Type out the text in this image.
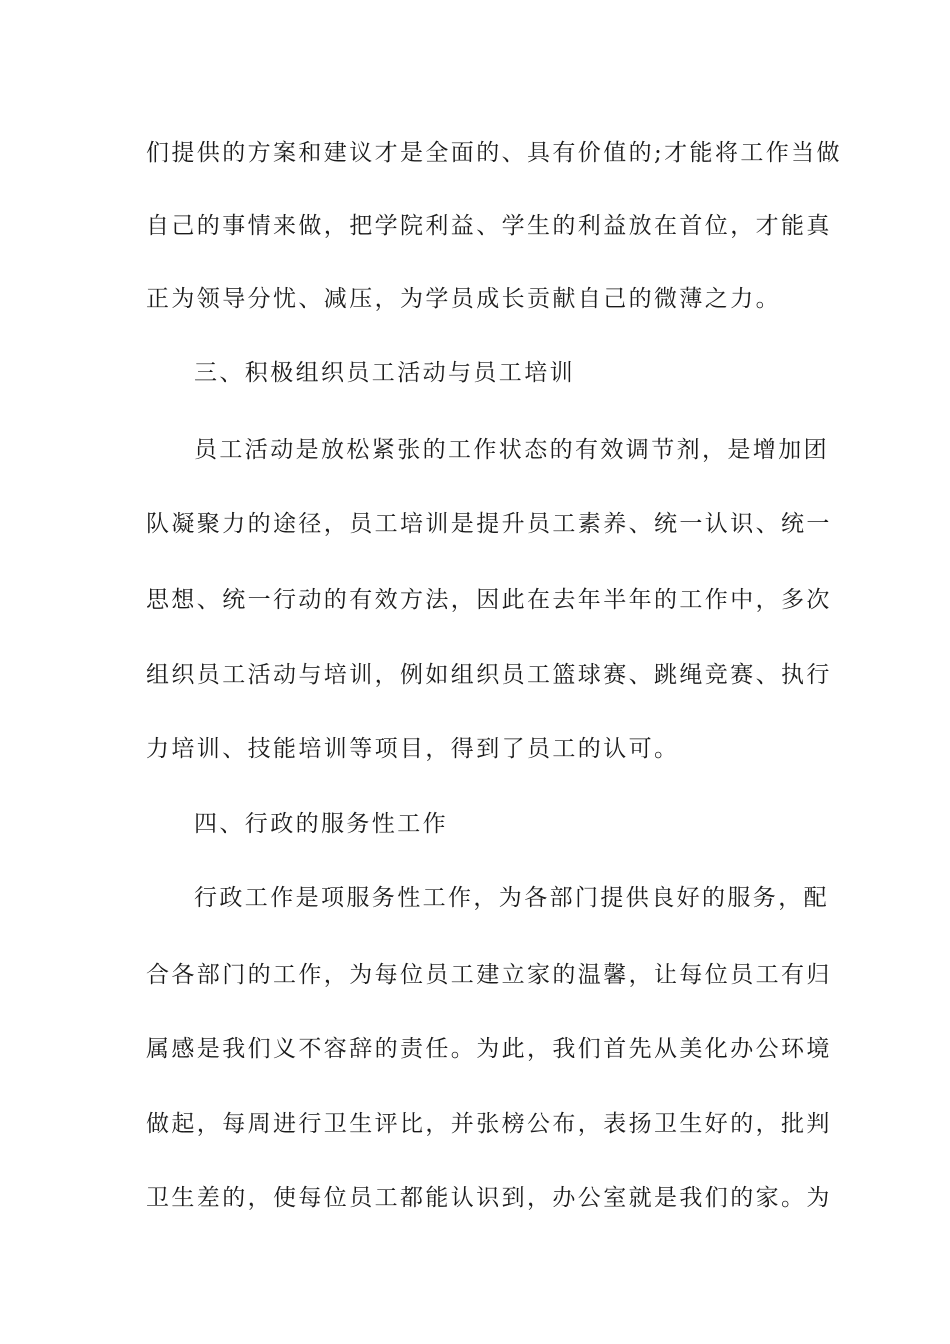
们提供的方案和建议才是全面的、具有价值的;才能将工作当做
自己的事情来做，把学院利益、学生的利益放在首位，才能真
正为领导分忧、减压，为学员成长贡献自己的微薄之力。
三、积极组织员工活动与员工培训
员工活动是放松紧张的工作状态的有效调节剂，是增加团
队凝聚力的途径，员工培训是提升员工素养、统一认识、统一
思想、统一行动的有效方法，因此在去年半年的工作中，多次
组织员工活动与培训，例如组织员工篮球赛、跳绳竞赛、执行
力培训、技能培训等项目，得到了员工的认可。
四、行政的服务性工作
行政工作是项服务性工作，为各部门提供良好的服务，配
合各部门的工作，为每位员工建立家的温馨，让每位员工有归
属感是我们义不容辞的责任。为此，我们首先从美化办公环境
做起，每周进行卫生评比，并张榜公布，表扬卫生好的，批判
卫生差的，使每位员工都能认识到，办公室就是我们的家。为
